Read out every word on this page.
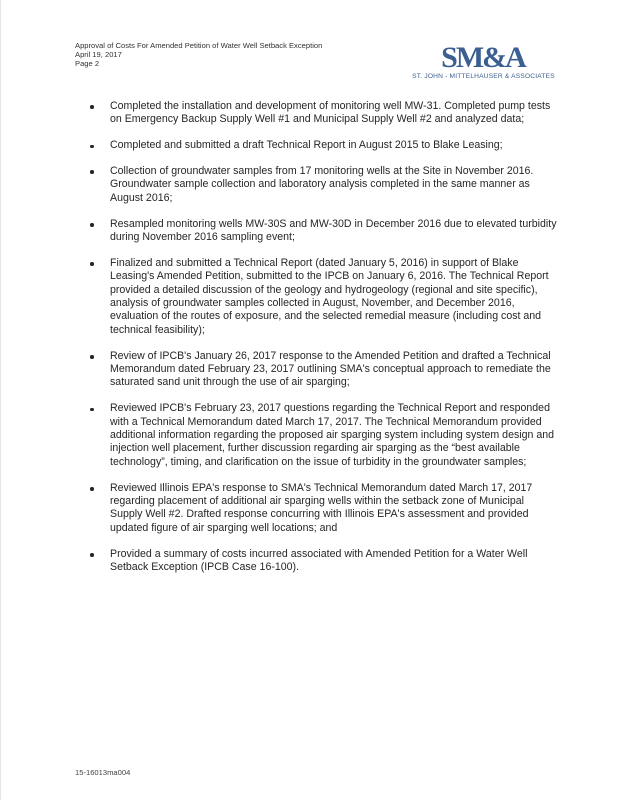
Approval of Costs For Amended Petition of Water Well Setback Exception
April 19, 2017
Page 2	SM&A
ST. JOHN - MITTELHAUSER & ASSOCIATES
Completed the installation and development of monitoring well MW-31. Completed pump tests on Emergency Backup Supply Well #1 and Municipal Supply Well #2 and analyzed data;
Completed and submitted a draft Technical Report in August 2015 to Blake Leasing;
Collection of groundwater samples from 17 monitoring wells at the Site in November 2016. Groundwater sample collection and laboratory analysis completed in the same manner as August 2016;
Resampled monitoring wells MW-30S and MW-30D in December 2016 due to elevated turbidity during November 2016 sampling event;
Finalized and submitted a Technical Report (dated January 5, 2016) in support of Blake Leasing's Amended Petition, submitted to the IPCB on January 6, 2016. The Technical Report provided a detailed discussion of the geology and hydrogeology (regional and site specific), analysis of groundwater samples collected in August, November, and December 2016, evaluation of the routes of exposure, and the selected remedial measure (including cost and technical feasibility);
Review of IPCB's January 26, 2017 response to the Amended Petition and drafted a Technical Memorandum dated February 23, 2017 outlining SMA's conceptual approach to remediate the saturated sand unit through the use of air sparging;
Reviewed IPCB's February 23, 2017 questions regarding the Technical Report and responded with a Technical Memorandum dated March 17, 2017. The Technical Memorandum provided additional information regarding the proposed air sparging system including system design and injection well placement, further discussion regarding air sparging as the “best available technology”, timing, and clarification on the issue of turbidity in the groundwater samples;
Reviewed Illinois EPA's response to SMA's Technical Memorandum dated March 17, 2017 regarding placement of additional air sparging wells within the setback zone of Municipal Supply Well #2. Drafted response concurring with Illinois EPA's assessment and provided updated figure of air sparging well locations; and
Provided a summary of costs incurred associated with Amended Petition for a Water Well Setback Exception (IPCB Case 16-100).
15-16013ma004
